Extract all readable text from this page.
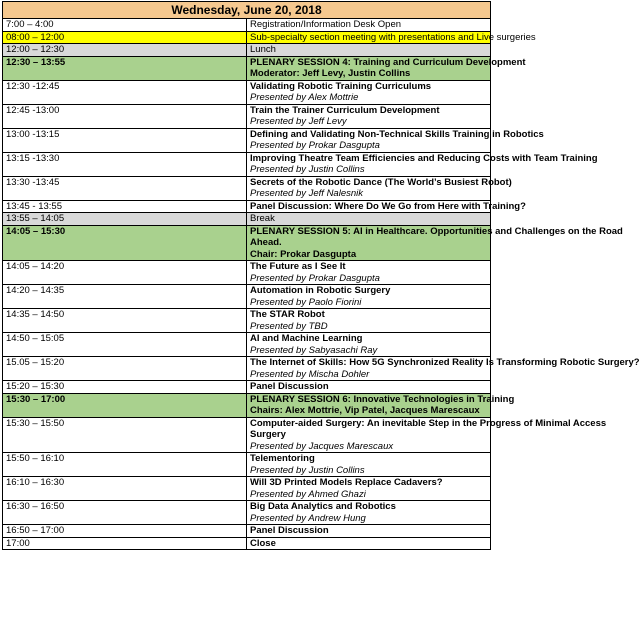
Wednesday, June 20, 2018	
7:00 – 4:00	Registration/Information Desk Open
08:00 – 12:00	Sub-specialty section meeting with presentations and Live surgeries
12:00 – 12:30	Lunch
12:30 – 13:55	PLENARY SESSION 4: Training and Curriculum Development
Moderator: Jeff Levy, Justin Collins

12:30 -12:45	Validating Robotic Training Curriculums
Presented by Alex Mottrie

12:45 -13:00	Train the Trainer Curriculum Development
Presented by Jeff Levy

13:00 -13:15	Defining and Validating Non-Technical Skills Training in Robotics
Presented by Prokar Dasgupta

13:15 -13:30	Improving Theatre Team Efficiencies and Reducing Costs with Team Training
Presented by Justin Collins

13:30 -13:45	Secrets of the Robotic Dance (The World’s Busiest Robot)
Presented by Jeff Nalesnik

13:45 - 13:55	Panel Discussion: Where Do We Go from Here with Training?
13:55 – 14:05	Break
14:05 – 15:30	PLENARY SESSION 5: AI in Healthcare. Opportunities and Challenges on the Road
Ahead.
Chair: Prokar Dasgupta

14:05 – 14:20	The Future as I See It
Presented by Prokar Dasgupta

14:20 – 14:35	Automation in Robotic Surgery
Presented by Paolo Fiorini

14:35 – 14:50	The STAR Robot
Presented by TBD

14:50 – 15:05	AI and Machine Learning
Presented by Sabyasachi Ray

15.05 – 15:20	The Internet of Skills: How 5G Synchronized Reality Is Transforming Robotic Surgery?
Presented by Mischa Dohler

15:20 – 15:30	Panel Discussion
15:30 – 17:00	PLENARY SESSION 6: Innovative Technologies in Training
Chairs: Alex Mottrie, Vip Patel, Jacques Marescaux

15:30 – 15:50	Computer-aided Surgery: An inevitable Step in the Progress of Minimal Access
Surgery
Presented by Jacques Marescaux

15:50 – 16:10	Telementoring
Presented by Justin Collins

16:10 – 16:30	Will 3D Printed Models Replace Cadavers?
Presented by Ahmed Ghazi

16:30 – 16:50	Big Data Analytics and Robotics
Presented by Andrew Hung

16:50 – 17:00	Panel Discussion
17:00	Close
